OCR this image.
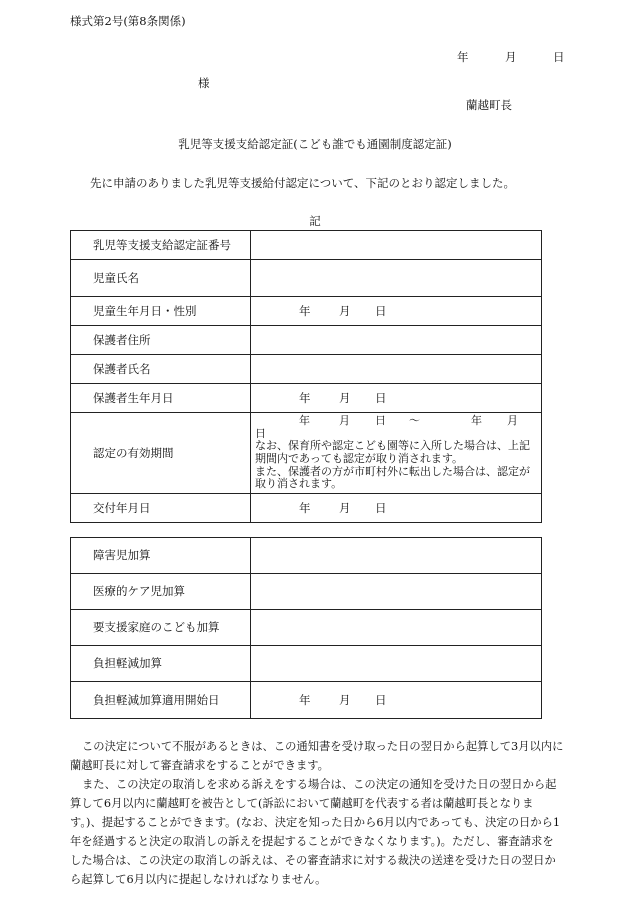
様式第2号(第8条関係)
年	月	日
様
蘭越町長
乳児等支援支給認定証(こども誰でも通園制度認定証)
先に申請のありました乳児等支援給付認定について、下記のとおり認定しました。
記
乳児等支援支給認定証番号	
児童氏名	
児童生年月日・性別	年 月 日
保護者住所	
保護者氏名	
保護者生年月日	年 月 日
認定の有効期間	年 月 日 〜 年 月
日
なお、保育所や認定こども園等に入所した場合は、上記期間内であっても認定が取り消されます。
また、保護者の方が市町村外に転出した場合は、認定が取り消されます。

交付年月日	年 月 日
障害児加算	
医療的ケア児加算	
要支援家庭のこども加算	
負担軽減加算	
負担軽減加算適用開始日	年 月 日

この決定について不服があるときは、この通知書を受け取った日の翌日から起算して3月以内に蘭越町長に対して審査請求をすることができます。

また、この決定の取消しを求める訴えをする場合は、この決定の通知を受けた日の翌日から起算して6月以内に蘭越町を被告として(訴訟において蘭越町を代表する者は蘭越町長となります。)、提起することができます。(なお、決定を知った日から6月以内であっても、決定の日から1年を経過すると決定の取消しの訴えを提起することができなくなります。)。ただし、審査請求をした場合は、この決定の取消しの訴えは、その審査請求に対する裁決の送達を受けた日の翌日から起算して6月以内に提起しなければなりません。
